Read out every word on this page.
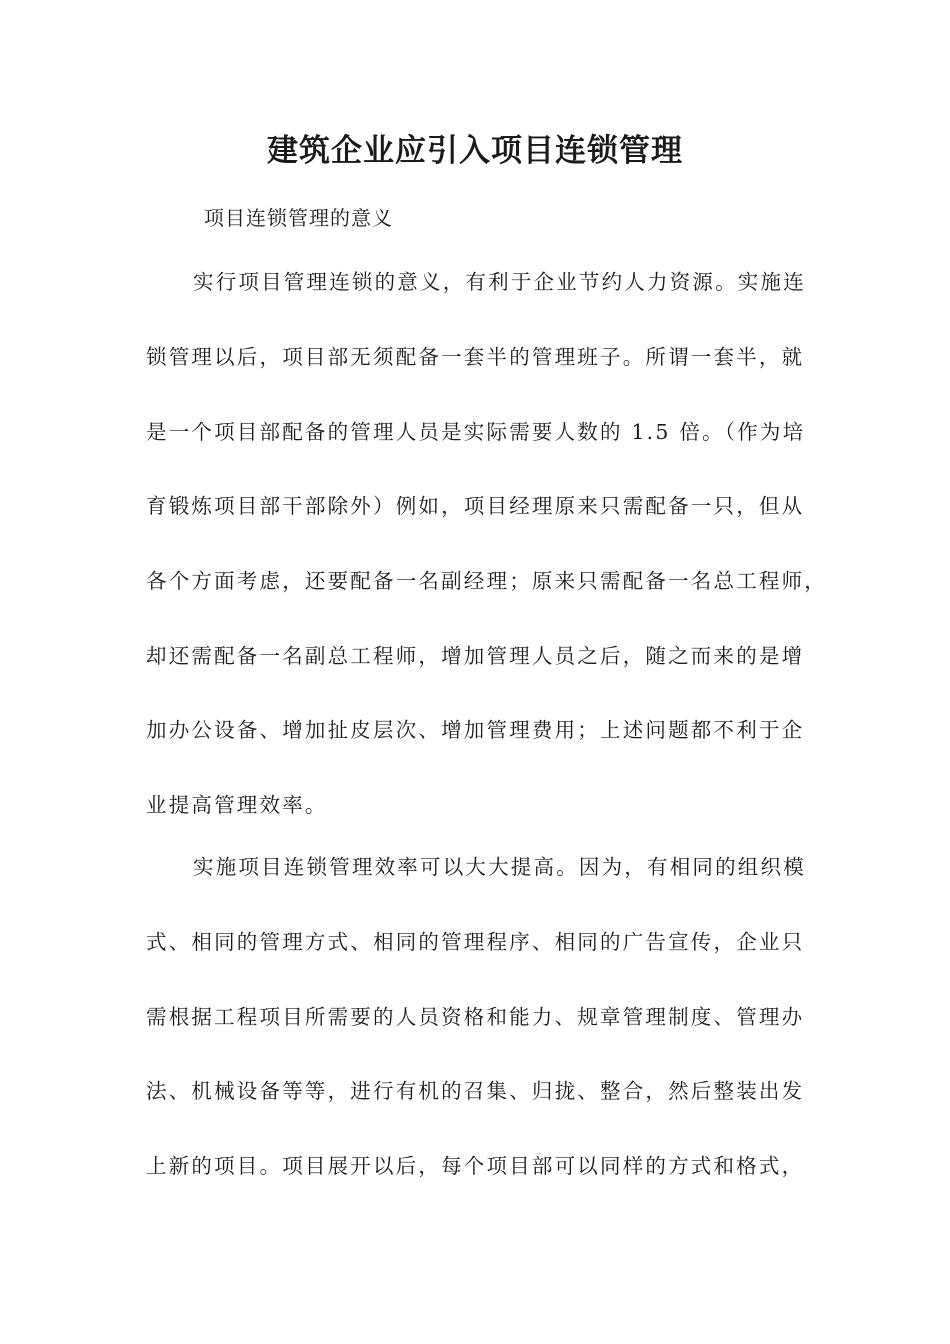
建筑企业应引入项目连锁管理
项目连锁管理的意义
实行项目管理连锁的意义，有利于企业节约人力资源。实施连
锁管理以后，项目部无须配备一套半的管理班子。所谓一套半，就
是一个项目部配备的管理人员是实际需要人数的 1.5 倍。（作为培
育锻炼项目部干部除外）例如，项目经理原来只需配备一只，但从
各个方面考虑，还要配备一名副经理；原来只需配备一名总工程师，
却还需配备一名副总工程师，增加管理人员之后，随之而来的是增
加办公设备、增加扯皮层次、增加管理费用；上述问题都不利于企
业提高管理效率。
实施项目连锁管理效率可以大大提高。因为，有相同的组织模
式、相同的管理方式、相同的管理程序、相同的广告宣传，企业只
需根据工程项目所需要的人员资格和能力、规章管理制度、管理办
法、机械设备等等，进行有机的召集、归拢、整合，然后整装出发
上新的项目。项目展开以后，每个项目部可以同样的方式和格式，
